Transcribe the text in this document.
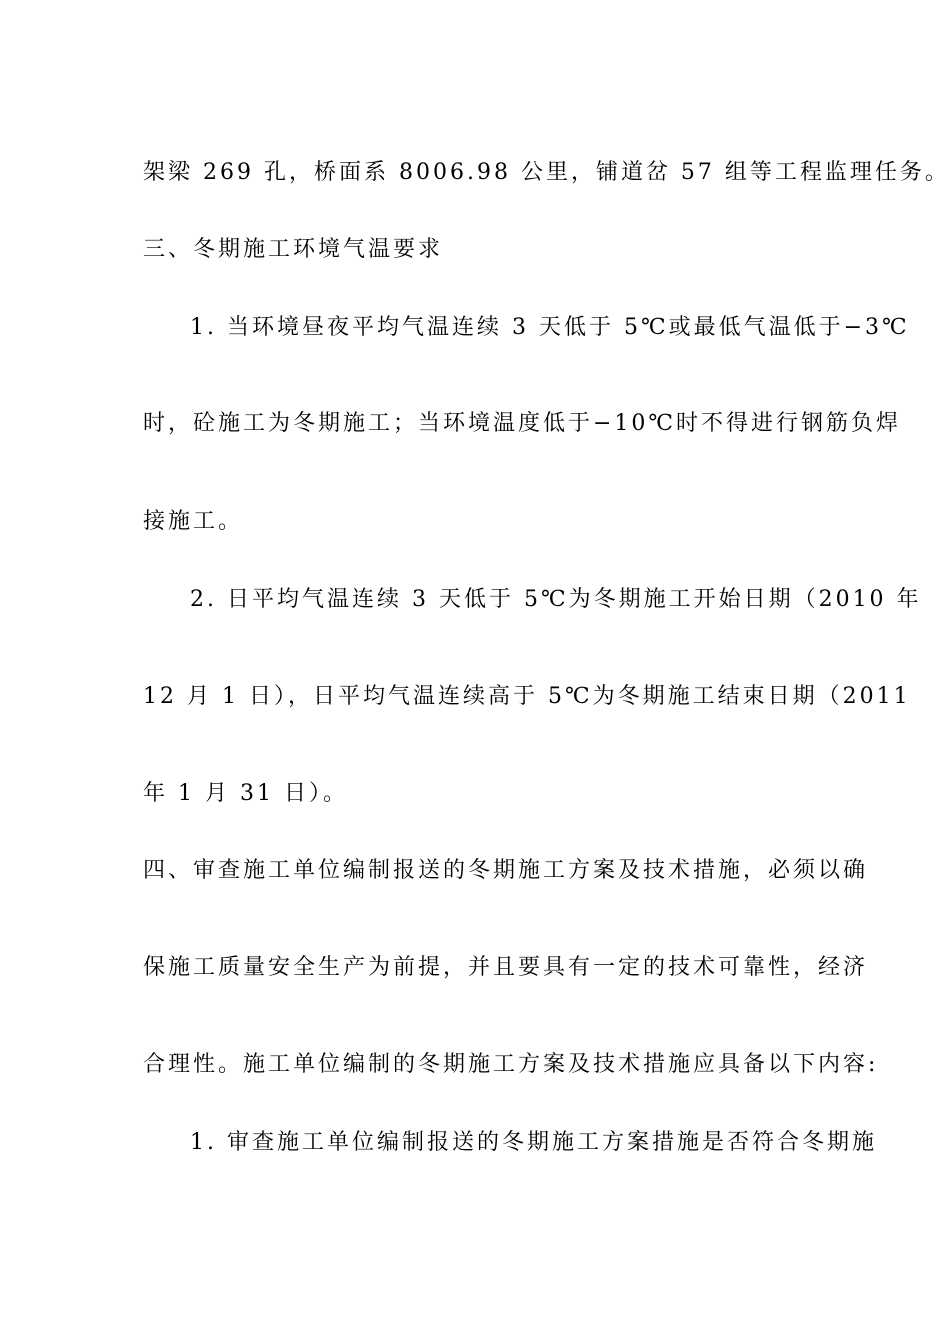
架梁 269 孔，桥面系 8006.98 公里，铺道岔 57 组等工程监理任务。
三、冬期施工环境气温要求
1. 当环境昼夜平均气温连续 3 天低于 5℃或最低气温低于−3℃
时，砼施工为冬期施工；当环境温度低于−10℃时不得进行钢筋负焊
接施工。
2. 日平均气温连续 3 天低于 5℃为冬期施工开始日期（2010 年
12 月 1 日），日平均气温连续高于 5℃为冬期施工结束日期（2011
年 1 月 31 日）。
四、审查施工单位编制报送的冬期施工方案及技术措施，必须以确
保施工质量安全生产为前提，并且要具有一定的技术可靠性，经济
合理性。施工单位编制的冬期施工方案及技术措施应具备以下内容:
1. 审查施工单位编制报送的冬期施工方案措施是否符合冬期施
